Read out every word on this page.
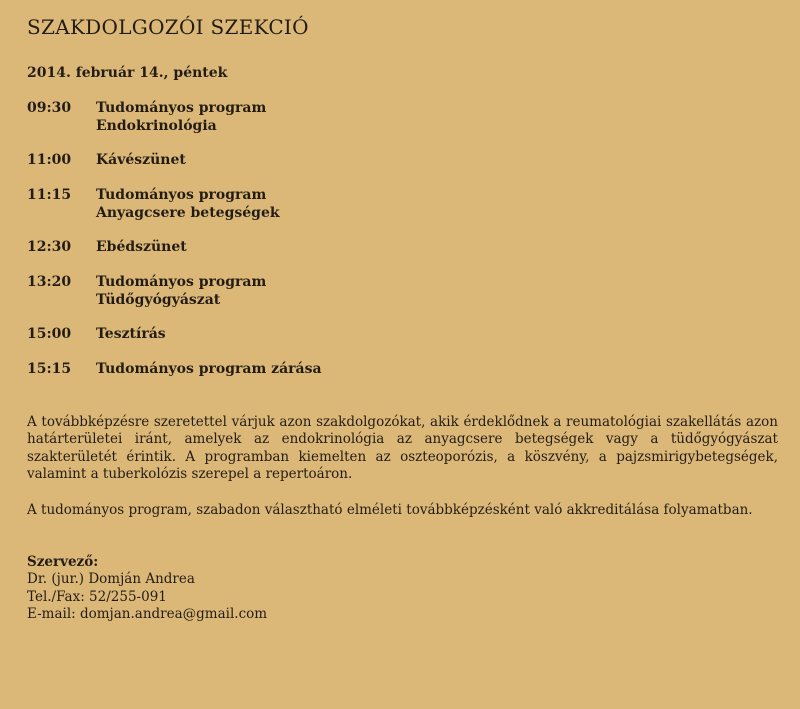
SZAKDOLGOZÓI SZEKCIÓ
2014. február 14., péntek
09:30	Tudományos program
Endokrinológia
11:00	Kávészünet
11:15	Tudományos program
Anyagcsere betegségek
12:30	Ebédszünet
13:20	Tudományos program
Tüdőgyógyászat
15:00	Tesztírás
15:15	Tudományos program zárása

A továbbképzésre szeretettel várjuk azon szakdolgozókat, akik érdeklődnek a reumatológiai szakellátás azon határterületei iránt, amelyek az endokrinológia az anyagcsere betegségek vagy a tüdőgyógyászat szakterületét érintik. A programban kiemelten az oszteoporózis, a köszvény, a pajzsmirigybetegségek, valamint a tuberkolózis szerepel a repertoáron.

A tudományos program, szabadon választható elméleti továbbképzésként való akkreditálása folyamatban.

Szervező:
Dr. (jur.) Domján Andrea
Tel./Fax: 52/255-091
E-mail: domjan.andrea@gmail.com
